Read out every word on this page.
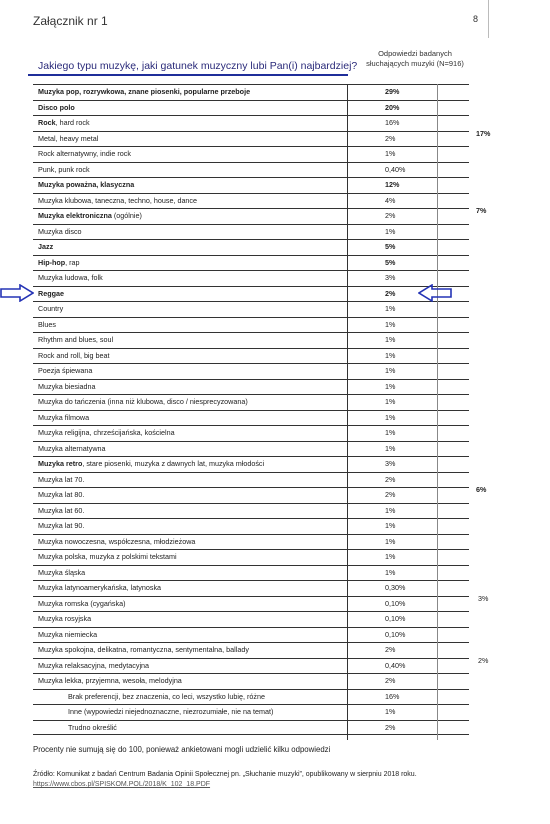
Załącznik nr 1	8
Jakiego typu muzykę, jaki gatunek muzyczny lubi Pan(i) najbardziej?
Odpowiedzi badanych
słuchających muzyki (N=916)
Muzyka pop, rozrywkowa, znane piosenki, popularne przeboje	29%
Disco polo	20%
Rock, hard rock	16%
Metal, heavy metal	2%
Rock alternatywny, indie rock	1%
Punk, punk rock	0,40%
Muzyka poważna, klasyczna	12%
Muzyka klubowa, taneczna, techno, house, dance	4%
Muzyka elektroniczna (ogólnie)	2%
Muzyka disco	1%
Jazz	5%
Hip-hop, rap	5%
Muzyka ludowa, folk	3%
Reggae	2%
Country	1%
Blues	1%
Rhythm and blues, soul	1%
Rock and roll, big beat	1%
Poezja śpiewana	1%
Muzyka biesiadna	1%
Muzyka do tańczenia (inna niż klubowa, disco / niesprecyzowana)	1%
Muzyka filmowa	1%
Muzyka religijna, chrześcijańska, kościelna	1%
Muzyka alternatywna	1%
Muzyka retro, stare piosenki, muzyka z dawnych lat, muzyka młodości	3%
Muzyka lat 70.	2%
Muzyka lat 80.	2%
Muzyka lat 60.	1%
Muzyka lat 90.	1%
Muzyka nowoczesna, współczesna, młodzieżowa	1%
Muzyka polska, muzyka z polskimi tekstami	1%
Muzyka śląska	1%
Muzyka latynoamerykańska, latynoska	0,30%
Muzyka romska (cygańska)	0,10%
Muzyka rosyjska	0,10%
Muzyka niemiecka	0,10%
Muzyka spokojna, delikatna, romantyczna, sentymentalna, ballady	2%
Muzyka relaksacyjna, medytacyjna	0,40%
Muzyka lekka, przyjemna, wesoła, melodyjna	2%
Brak preferencji, bez znaczenia, co leci, wszystko lubię, różne	16%
Inne (wypowiedzi niejednoznaczne, niezrozumiałe, nie na temat)	1%
Trudno określić	2%
17%
7%
6%
3%
2%
Procenty nie sumują się do 100, ponieważ ankietowani mogli udzielić kilku odpowiedzi
Źródło: Komunikat z badań Centrum Badania Opinii Społecznej pn. „Słuchanie muzyki”, opublikowany w sierpniu 2018 roku.
https://www.cbos.pl/SPISKOM.POL/2018/K_102_18.PDF
